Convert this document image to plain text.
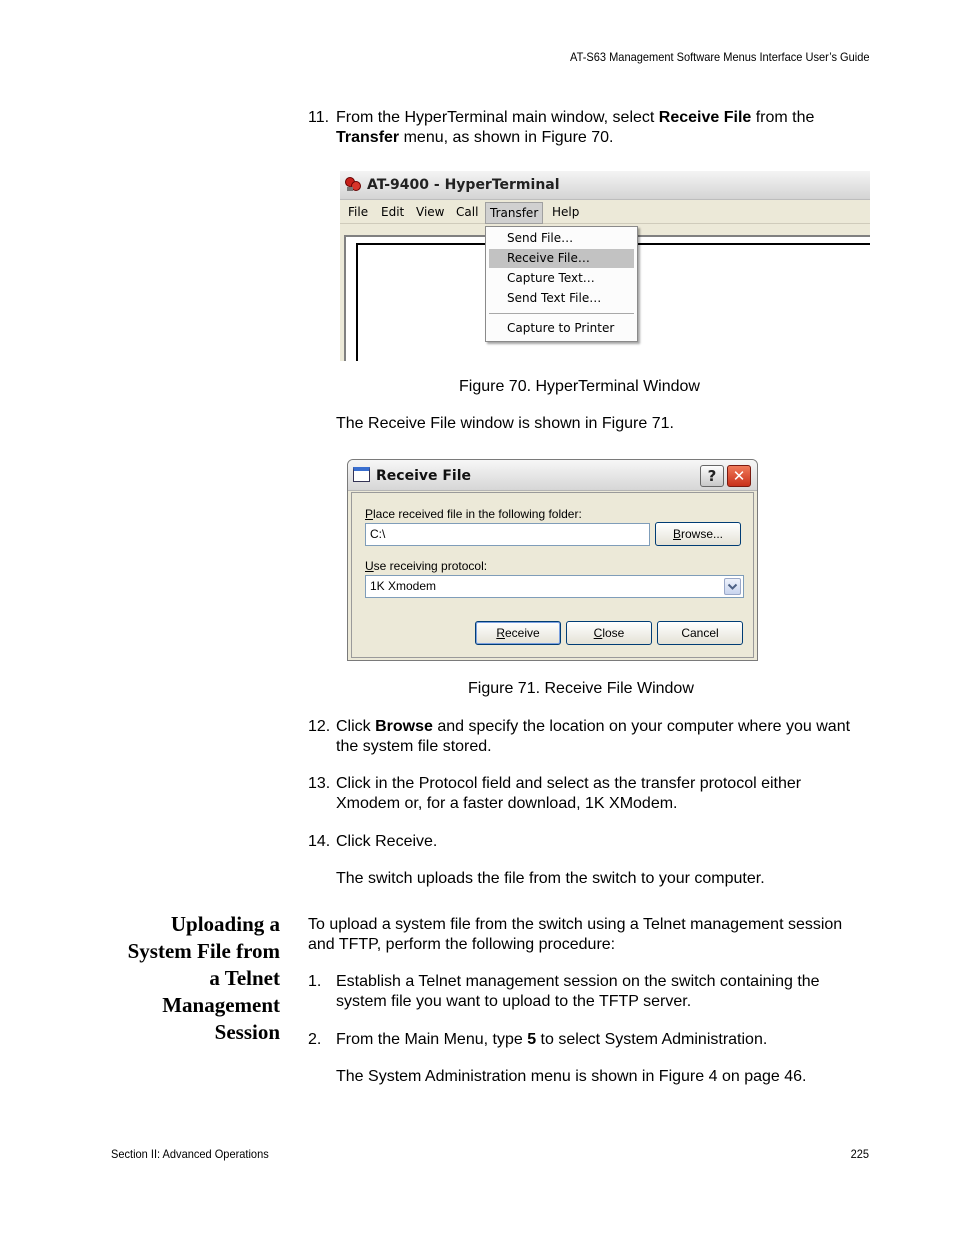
AT-S63 Management Software Menus Interface User’s Guide
Section II: Advanced Operations	225
11. From the HyperTerminal main window, select Receive File from the Transfer menu, as shown in Figure 70.
AT-9400 - HyperTerminal
File Edit View Call Transfer	Help
Send File…
Receive File…
Capture Text…
Send Text File…
Capture to Printer
Figure 70. HyperTerminal Window
The Receive File window is shown in Figure 71.
Receive File	?	✕
Place received file in the following folder:
C:\	Browse...
Use receiving protocol:
1K Xmodem
Receive	Close	Cancel
Figure 71. Receive File Window
12. Click Browse and specify the location on your computer where you want the system file stored.
13. Click in the Protocol field and select as the transfer protocol either Xmodem or, for a faster download, 1K XModem.
14. Click Receive.
The switch uploads the file from the switch to your computer.
Uploading a
System File from
a Telnet
Management
Session
To upload a system file from the switch using a Telnet management session and TFTP, perform the following procedure:
1. Establish a Telnet management session on the switch containing the system file you want to upload to the TFTP server.
2. From the Main Menu, type 5 to select System Administration.
The System Administration menu is shown in Figure 4 on page 46.
